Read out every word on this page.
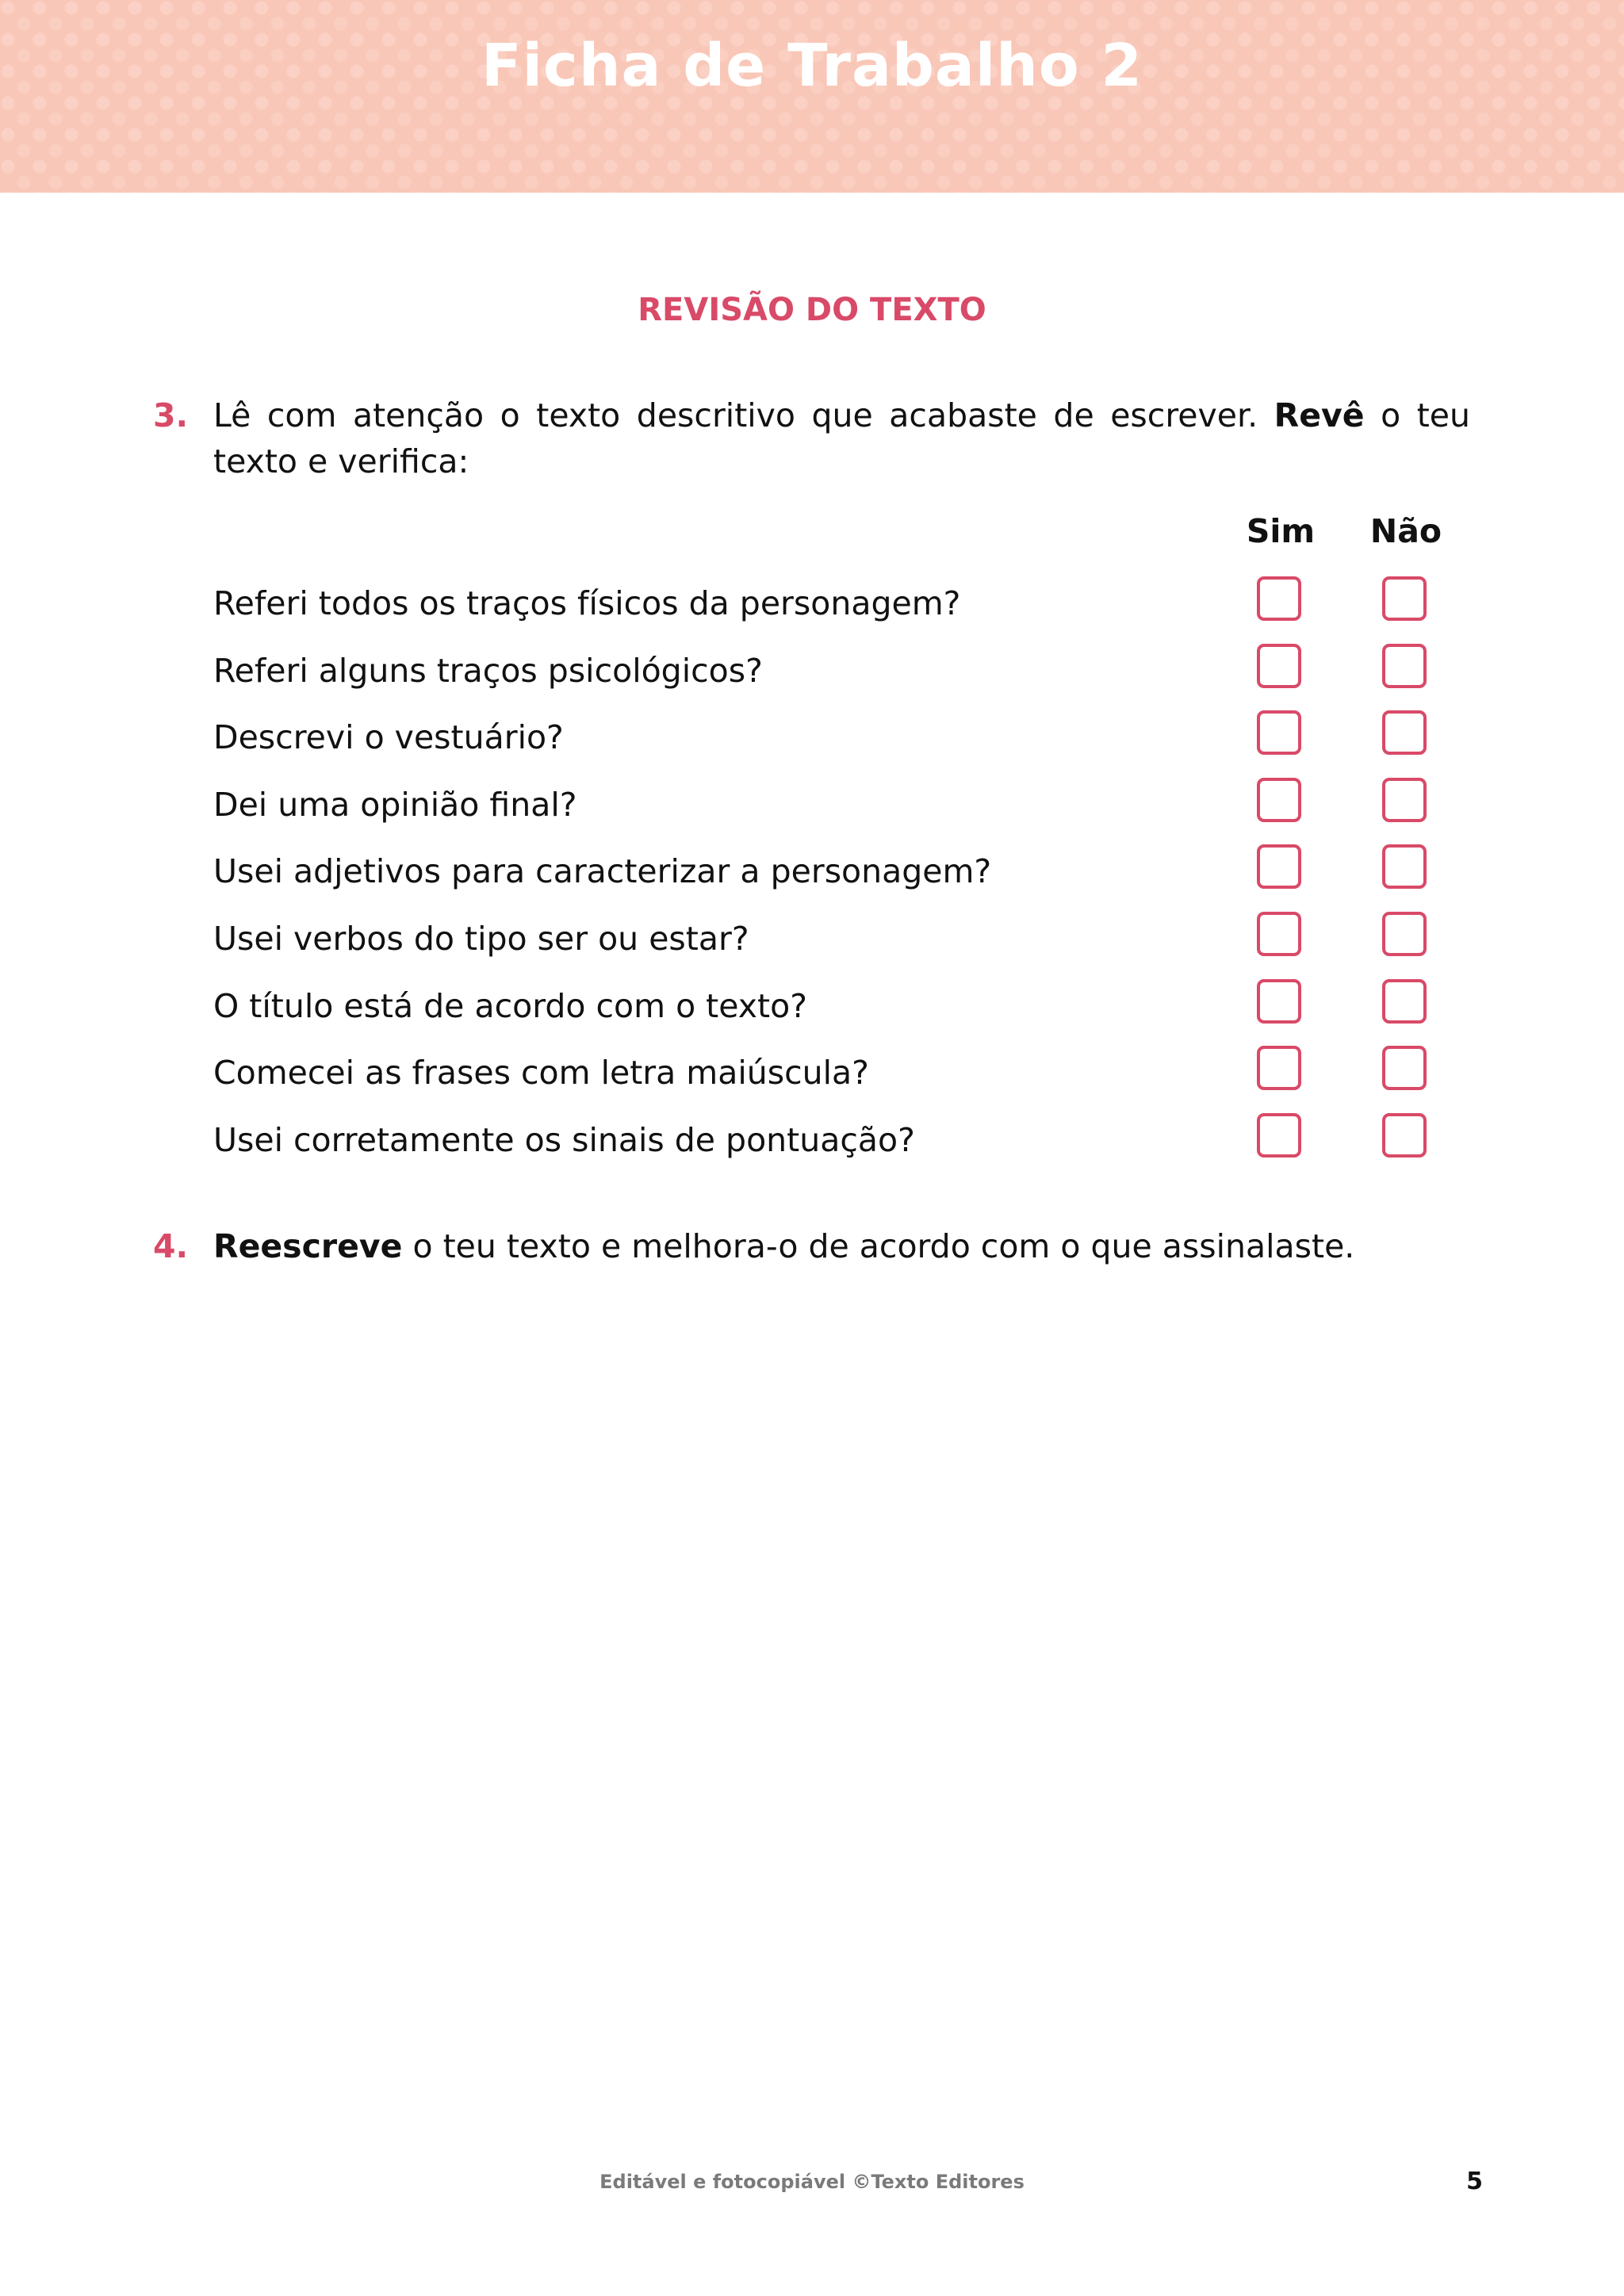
Ficha de Trabalho 2
REVISÃO DO TEXTO
3. Lê com atenção o texto descritivo que acabaste de escrever. Revê o teu texto e verifica:
Sim	Não
Referi todos os traços físicos da personagem?
Referi alguns traços psicológicos?
Descrevi o vestuário?
Dei uma opinião final?
Usei adjetivos para caracterizar a personagem?
Usei verbos do tipo ser ou estar?
O título está de acordo com o texto?
Comecei as frases com letra maiúscula?
Usei corretamente os sinais de pontuação?
4. Reescreve o teu texto e melhora-o de acordo com o que assinalaste.
Editável e fotocopiável ©Texto Editores	5
